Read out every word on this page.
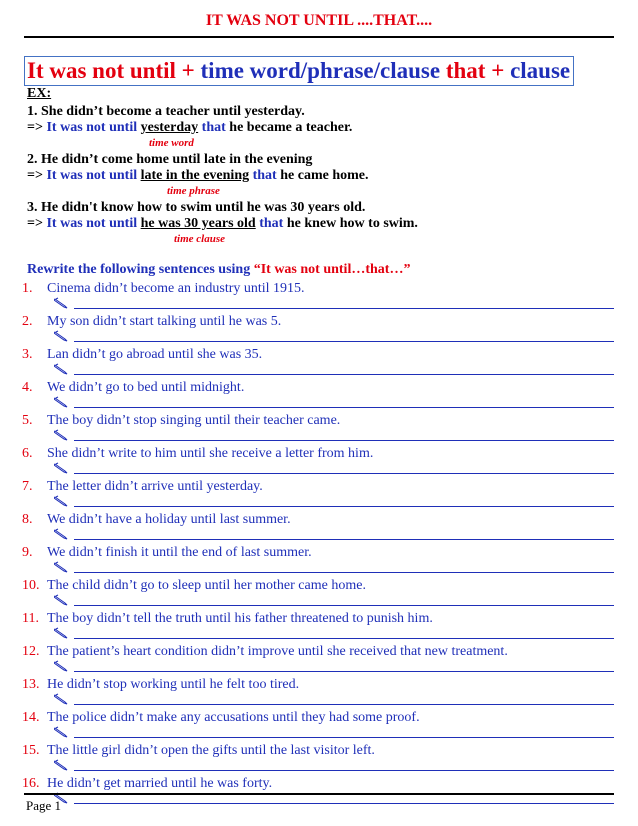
IT WAS NOT UNTIL ....THAT....
It was not until + time word/phrase/clause that + clause
EX:
1. She didn’t become a teacher until yesterday.
=> It was not until yesterday that he became a teacher.
time word
2. He didn’t come home until late in the evening
=> It was not until late in the evening that he came home.
time phrase
3. He didn't know how to swim until he was 30 years old.
=> It was not until he was 30 years old that he knew how to swim.
time clause
Rewrite the following sentences using “It was not until…that…”
1.	Cinema didn’t become an industry until 1915.
2.	My son didn’t start talking until he was 5.
3.	Lan didn’t go abroad until she was 35.
4.	We didn’t go to bed until midnight.
5.	The boy didn’t stop singing until their teacher came.
6.	She didn’t write to him until she receive a letter from him.
7.	The letter didn’t arrive until yesterday.
8.	We didn’t have a holiday until last summer.
9.	We didn’t finish it until the end of last summer.
10. The child didn’t go to sleep until her mother came home.
11. The boy didn’t tell the truth until his father threatened to punish him.
12. The patient’s heart condition didn’t improve until she received that new treatment.
13. He didn’t stop working until he felt too tired.
14. The police didn’t make any accusations until they had some proof.
15. The little girl didn’t open the gifts until the last visitor left.
16. He didn’t get married until he was forty.
Page 1
